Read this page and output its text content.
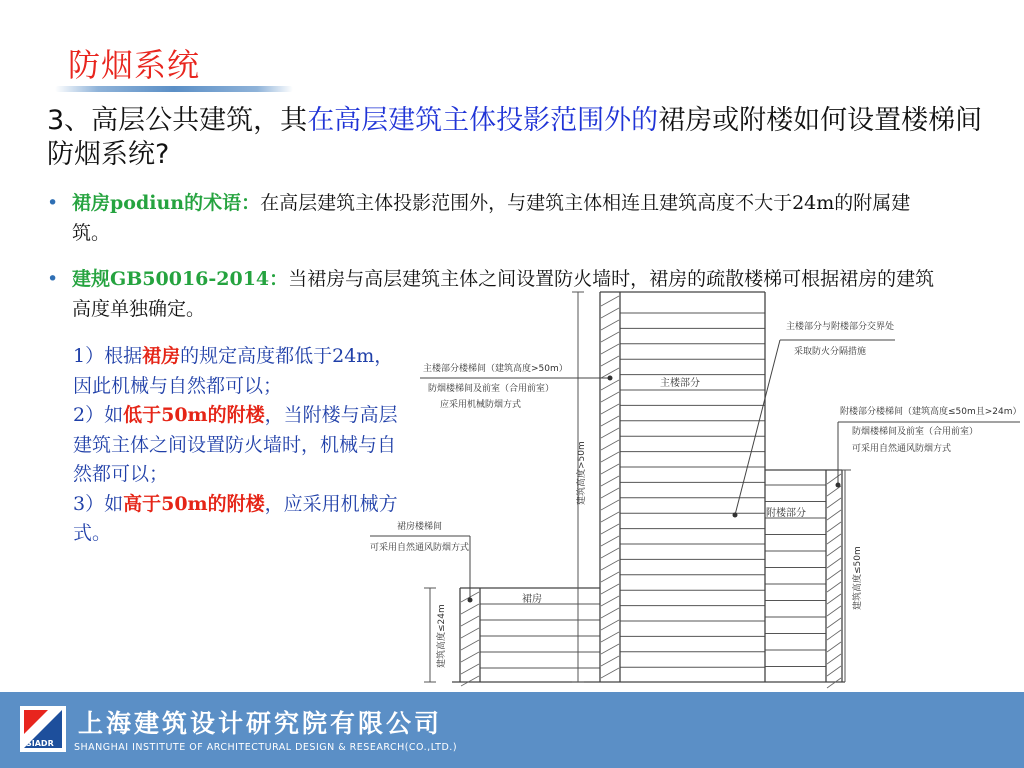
防烟系统

3、高层公共建筑，其在高层建筑主体投影范围外的裙房或附楼如何设置楼梯间防烟系统?

• 裙房podiun的术语：在高层建筑主体投影范围外，与建筑主体相连且建筑高度不大于24m的附属建筑。

• 建规GB50016-2014：当裙房与高层建筑主体之间设置防火墙时，裙房的疏散楼梯可根据裙房的建筑高度单独确定。

1）根据裙房的规定高度都低于24m，因此机械与自然都可以；
2）如低于50m的附楼，当附楼与高层建筑主体之间设置防火墙时，机械与自然都可以；
3）如高于50m的附楼，应采用机械方式。

主楼部分
附楼部分
裙房
主楼部分与附楼部分交界处
采取防火分隔措施
主楼部分楼梯间（建筑高度>50m）
防烟楼梯间及前室（合用前室）
应采用机械防烟方式
附楼部分楼梯间（建筑高度≤50m且>24m）
防烟楼梯间及前室（合用前室）
可采用自然通风防烟方式
裙房楼梯间
可采用自然通风防烟方式
建筑高度>50m
建筑高度≤50m
建筑高度≤24m
SIADR
上海建筑设计研究院有限公司
SHANGHAI INSTITUTE OF ARCHITECTURAL DESIGN & RESEARCH(CO.,LTD.)
